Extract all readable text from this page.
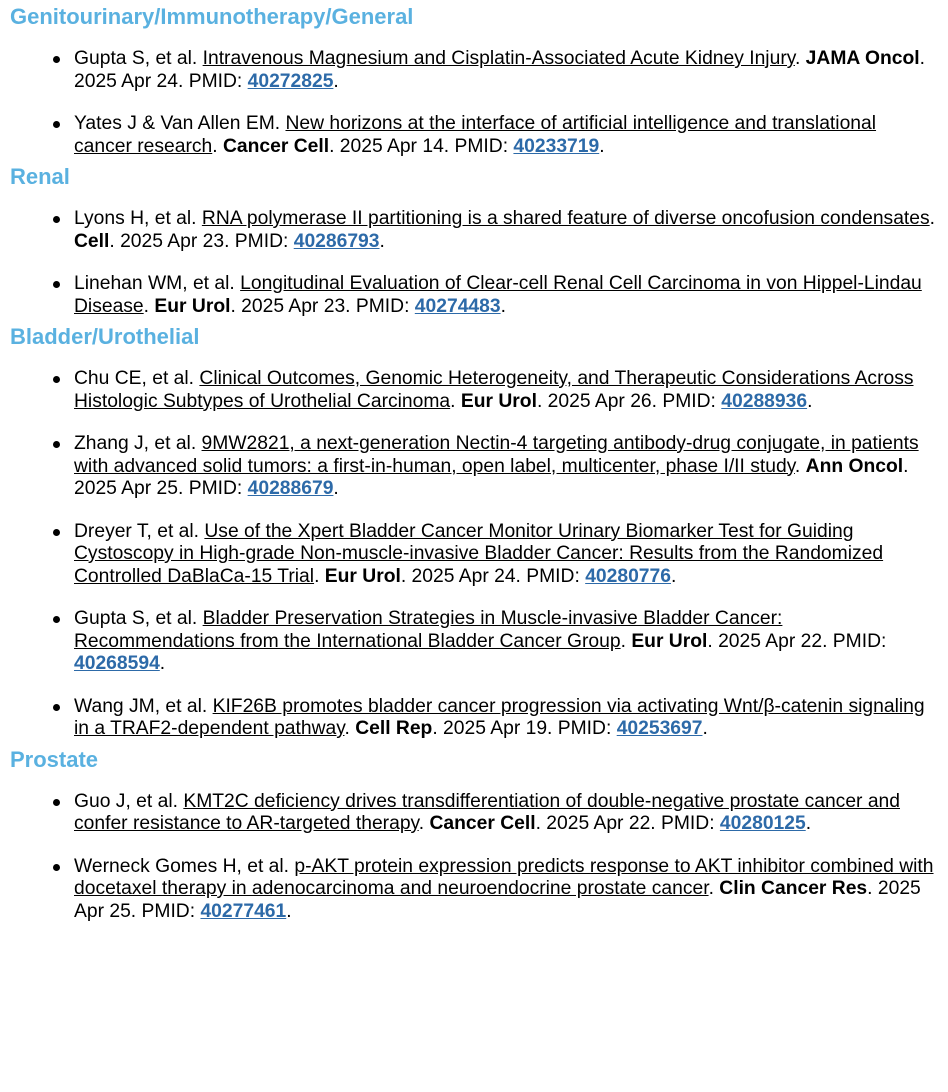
Genitourinary/Immunotherapy/General
Gupta S, et al. Intravenous Magnesium and Cisplatin-Associated Acute Kidney Injury. JAMA Oncol. 2025 Apr 24. PMID: 40272825.
Yates J & Van Allen EM. New horizons at the interface of artificial intelligence and translational cancer research. Cancer Cell. 2025 Apr 14. PMID: 40233719.
Renal
Lyons H, et al. RNA polymerase II partitioning is a shared feature of diverse oncofusion condensates. Cell. 2025 Apr 23. PMID: 40286793.
Linehan WM, et al. Longitudinal Evaluation of Clear-cell Renal Cell Carcinoma in von Hippel-Lindau Disease. Eur Urol. 2025 Apr 23. PMID: 40274483.
Bladder/Urothelial
Chu CE, et al. Clinical Outcomes, Genomic Heterogeneity, and Therapeutic Considerations Across Histologic Subtypes of Urothelial Carcinoma. Eur Urol. 2025 Apr 26. PMID: 40288936.
Zhang J, et al. 9MW2821, a next-generation Nectin-4 targeting antibody-drug conjugate, in patients with advanced solid tumors: a first-in-human, open label, multicenter, phase I/II study. Ann Oncol. 2025 Apr 25. PMID: 40288679.
Dreyer T, et al. Use of the Xpert Bladder Cancer Monitor Urinary Biomarker Test for Guiding Cystoscopy in High-grade Non-muscle-invasive Bladder Cancer: Results from the Randomized Controlled DaBlaCa-15 Trial. Eur Urol. 2025 Apr 24. PMID: 40280776.
Gupta S, et al. Bladder Preservation Strategies in Muscle-invasive Bladder Cancer: Recommendations from the International Bladder Cancer Group. Eur Urol. 2025 Apr 22. PMID: 40268594.
Wang JM, et al. KIF26B promotes bladder cancer progression via activating Wnt/β-catenin signaling in a TRAF2-dependent pathway. Cell Rep. 2025 Apr 19. PMID: 40253697.
Prostate
Guo J, et al. KMT2C deficiency drives transdifferentiation of double-negative prostate cancer and confer resistance to AR-targeted therapy. Cancer Cell. 2025 Apr 22. PMID: 40280125.
Werneck Gomes H, et al. p-AKT protein expression predicts response to AKT inhibitor combined with docetaxel therapy in adenocarcinoma and neuroendocrine prostate cancer. Clin Cancer Res. 2025 Apr 25. PMID: 40277461.
